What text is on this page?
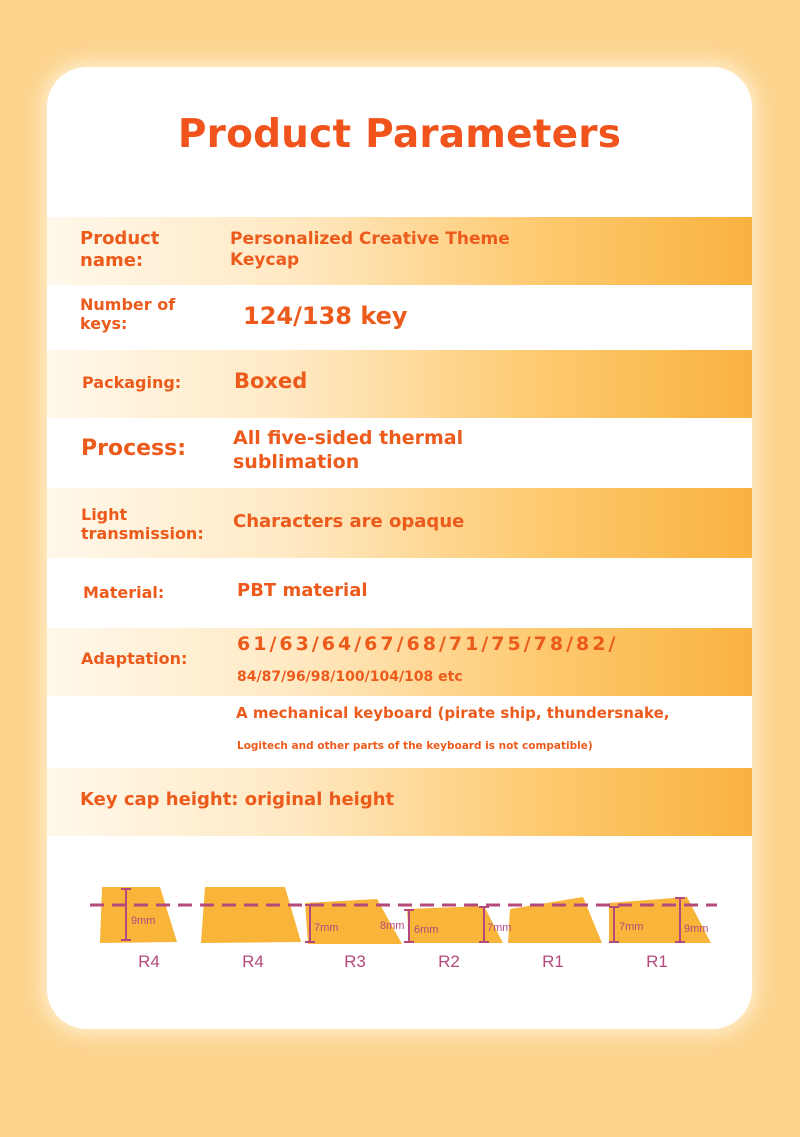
Product Parameters
Product
name:
Personalized Creative Theme
Keycap
Number of
keys:	124/138 key
Packaging:	Boxed
Process: All five-sided thermal
sublimation
Light
transmission:
Characters are opaque
Material:	PBT material
Adaptation:
61/63/64/67/68/71/75/78/82/
84/87/96/98/100/104/108 etc
A mechanical keyboard (pirate ship, thundersnake,
Logitech and other parts of the keyboard is not compatible)
Key cap height: original height
9mm
7mm	8mm 6mm	7mm	7mm	9mm
R4	R4	R3	R2	R1	R1
